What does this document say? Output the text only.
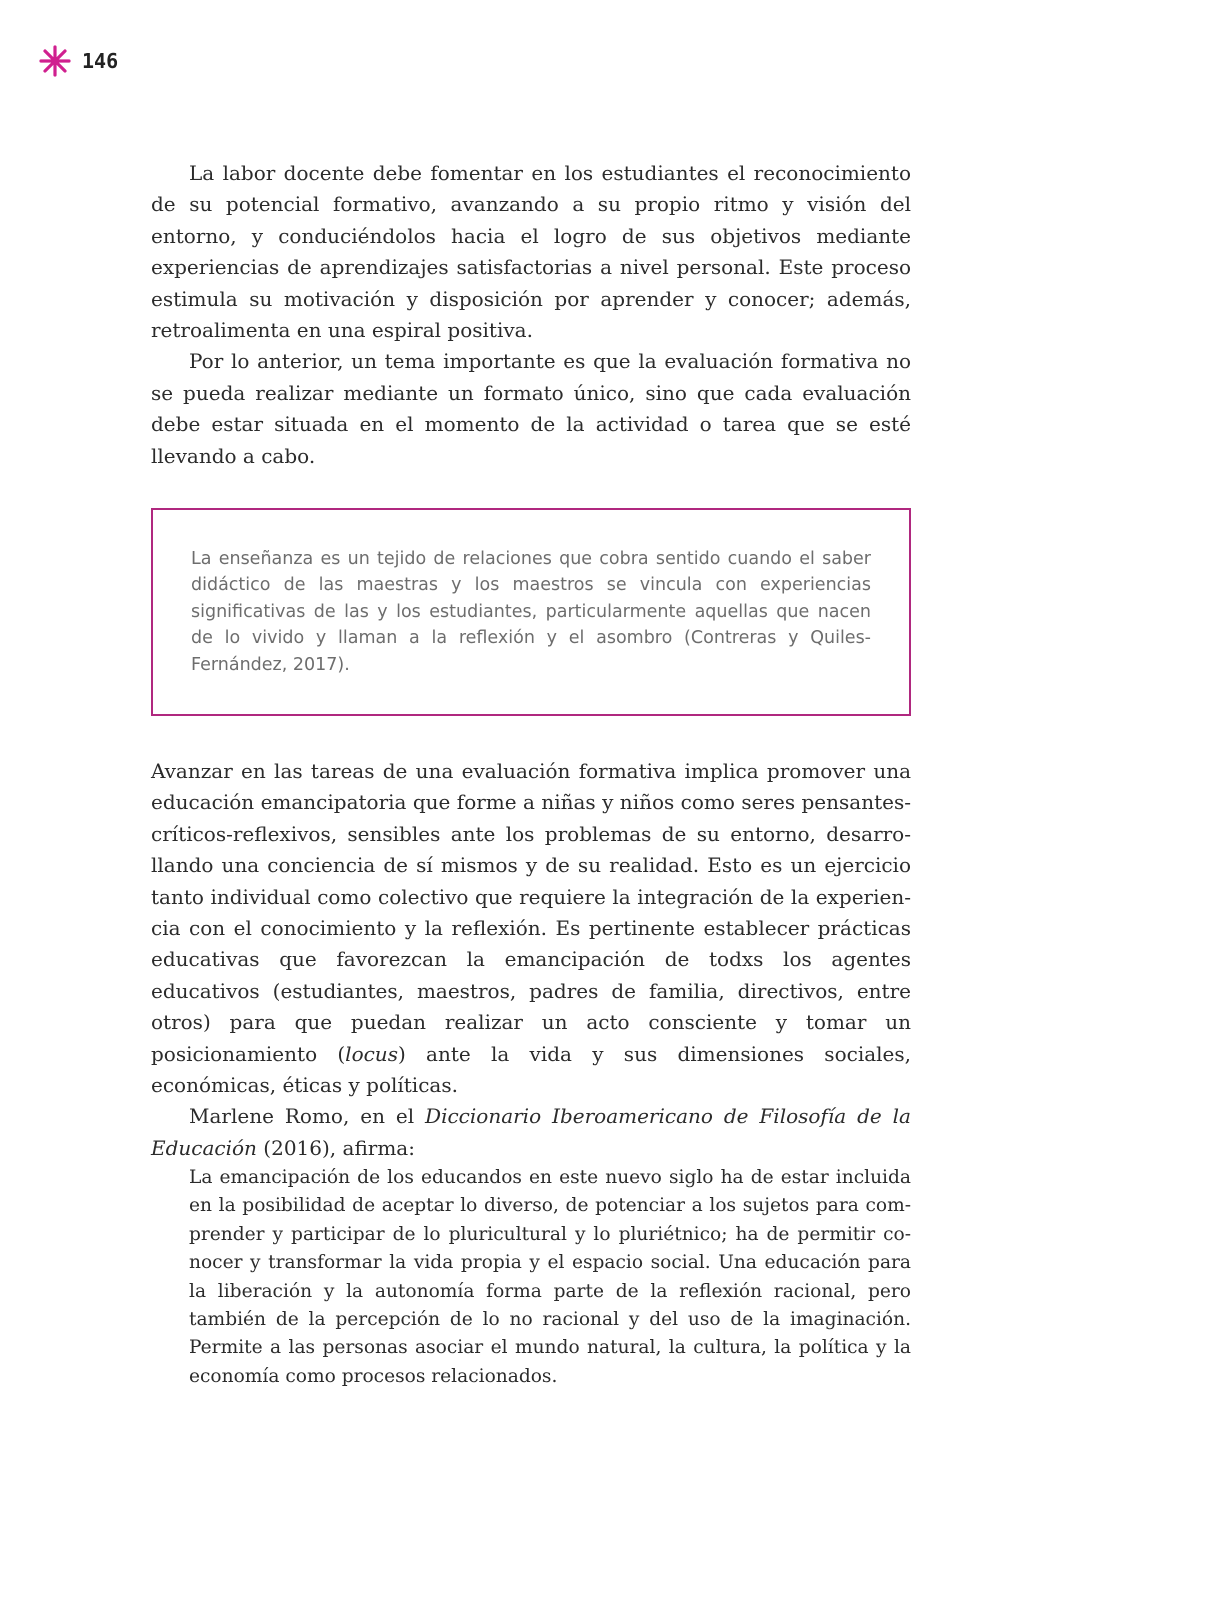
146

La labor docente debe fomentar en los estudiantes el reconocimiento de su potencial formativo, avanzando a su propio ritmo y visión del entorno, y conduciéndolos hacia el logro de sus objetivos mediante experiencias de aprendizajes satisfactorias a nivel personal. Este proceso estimula su motivación y disposición por aprender y conocer; además, retroalimenta en una espiral positiva.

Por lo anterior, un tema importante es que la evaluación formativa no se pueda realizar mediante un formato único, sino que cada evaluación debe estar situada en el momento de la actividad o tarea que se esté llevando a cabo.

La enseñanza es un tejido de relaciones que cobra sentido cuando el saber didáctico de las maestras y los maestros se vincula con experiencias significativas de las y los estudiantes, particularmente aquellas que nacen de lo vivido y llaman a la reflexión y el asombro (Contreras y Quiles-Fernández, 2017).

Avanzar en las tareas de una evaluación formativa implica promover una educación emancipatoria que forme a niñas y niños como seres pensantes-críticos-reflexivos, sensibles ante los problemas de su entorno, desarrollando una conciencia de sí mismos y de su realidad. Esto es un ejercicio tanto individual como colectivo que requiere la integración de la experiencia con el conocimiento y la reflexión. Es pertinente establecer prácticas educativas que favorezcan la emancipación de todxs los agentes educativos (estudiantes, maestros, padres de familia, directivos, entre otros) para que puedan realizar un acto consciente y tomar un posicionamiento (locus) ante la vida y sus dimensiones sociales, económicas, éticas y políticas.

Marlene Romo, en el Diccionario Iberoamericano de Filosofía de la Educación (2016), afirma:

La emancipación de los educandos en este nuevo siglo ha de estar incluida en la posibilidad de aceptar lo diverso, de potenciar a los sujetos para comprender y participar de lo pluricultural y lo pluriétnico; ha de permitir conocer y transformar la vida propia y el espacio social. Una educación para la liberación y la autonomía forma parte de la reflexión racional, pero también de la percepción de lo no racional y del uso de la imaginación. Permite a las personas asociar el mundo natural, la cultura, la política y la economía como procesos relacionados.
